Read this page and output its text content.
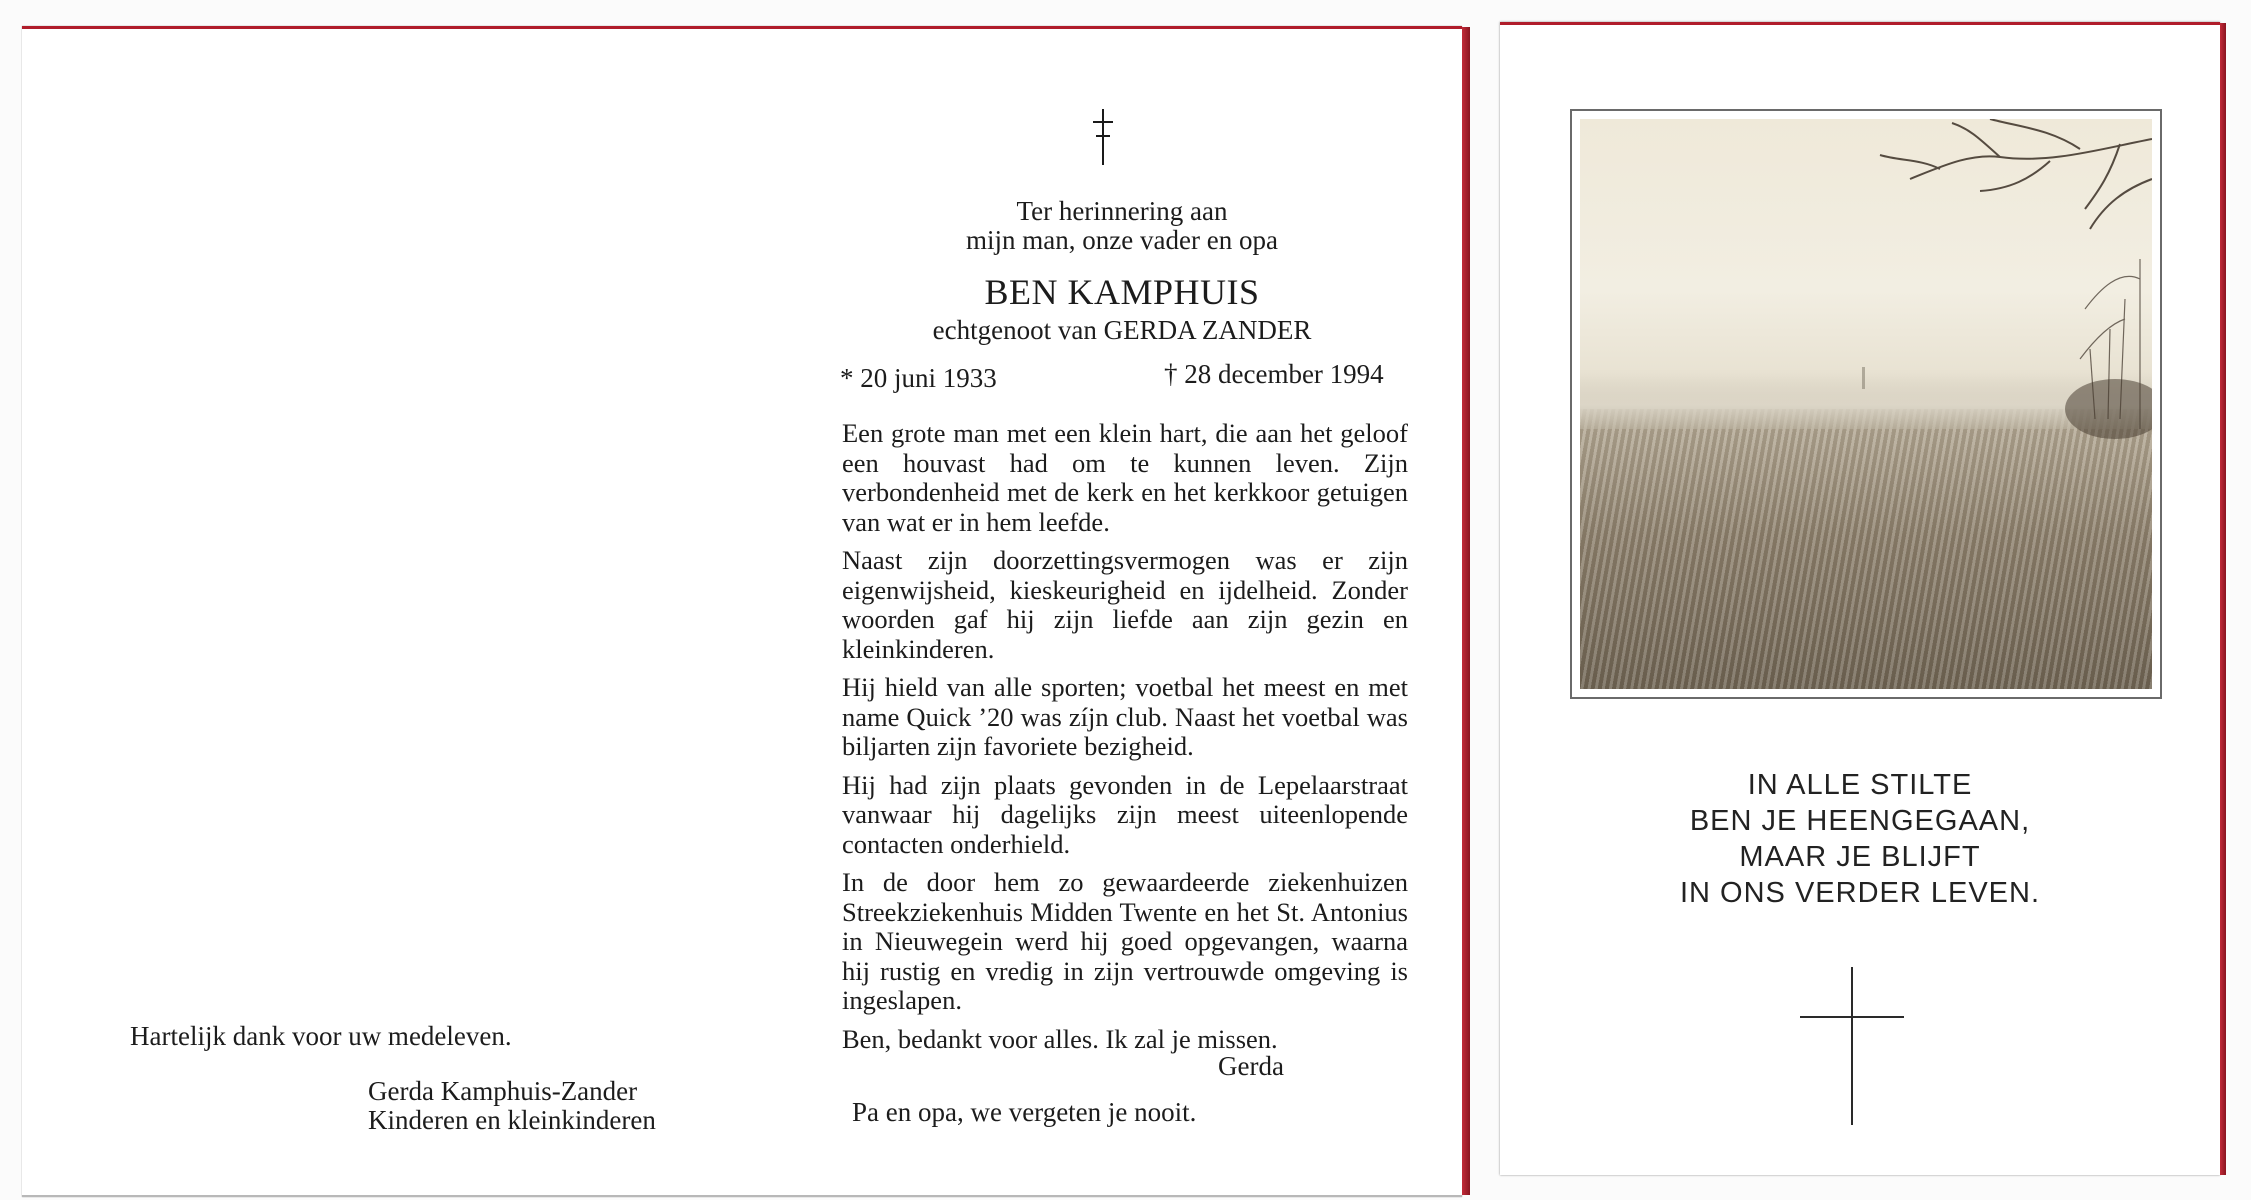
Ter herinnering aan
mijn man, onze vader en opa
BEN KAMPHUIS
echtgenoot van GERDA ZANDER
* 20 juni 1933	† 28 december 1994

Een grote man met een klein hart, die aan het geloof een houvast had om te kunnen leven. Zijn verbondenheid met de kerk en het kerkkoor getuigen van wat er in hem leefde.

Naast zijn doorzettingsvermogen was er zijn eigenwijsheid, kieskeurigheid en ijdelheid. Zonder woorden gaf hij zijn liefde aan zijn gezin en kleinkinderen.

Hij hield van alle sporten; voetbal het meest en met name Quick ’20 was zíjn club. Naast het voetbal was biljarten zijn favoriete bezigheid.

Hij had zijn plaats gevonden in de Lepelaarstraat vanwaar hij dagelijks zijn meest uiteenlopende contacten onderhield.

In de door hem zo gewaardeerde ziekenhuizen Streekziekenhuis Midden Twente en het St. Antonius in Nieuwegein werd hij goed opgevangen, waarna hij rustig en vredig in zijn vertrouwde omgeving is ingeslapen.

Ben, bedankt voor alles. Ik zal je missen.

Gerda
Pa en opa, we vergeten je nooit.
Hartelijk dank voor uw medeleven.
Gerda Kamphuis-Zander
Kinderen en kleinkinderen
IN ALLE STILTE
BEN JE HEENGEGAAN,
MAAR JE BLIJFT
IN ONS VERDER LEVEN.
